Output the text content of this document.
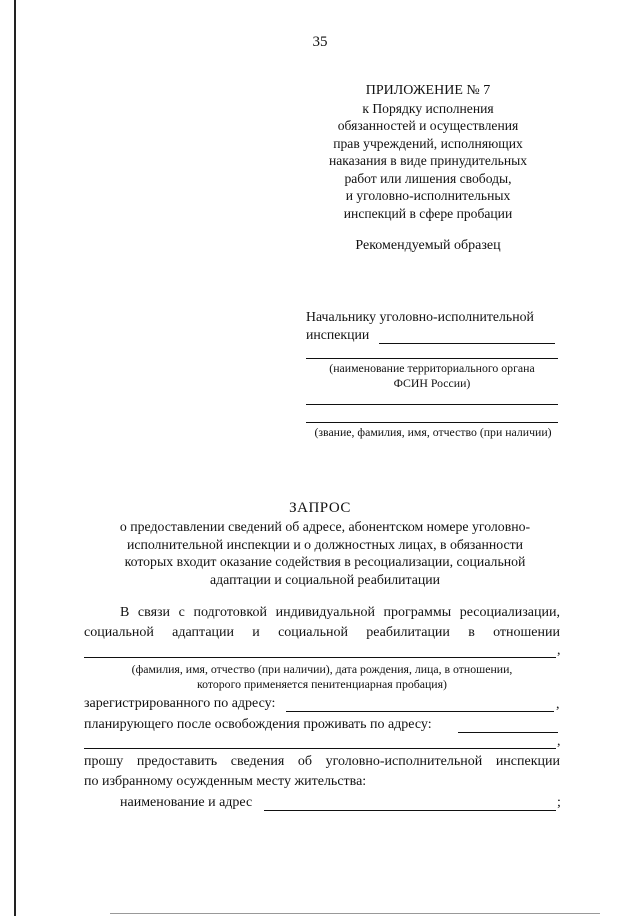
35
ПРИЛОЖЕНИЕ № 7
к Порядку исполнения
обязанностей и осуществления
прав учреждений, исполняющих
наказания в виде принудительных
работ или лишения свободы,
и уголовно-исполнительных
инспекций в сфере пробации
Рекомендуемый образец
Начальнику уголовно-исполнительной
инспекции
(наименование территориального органа
ФСИН России)
(звание, фамилия, имя, отчество (при наличии)
ЗАПРОС
о предоставлении сведений об адресе, абонентском номере уголовно-
исполнительной инспекции и о должностных лицах, в обязанности
которых входит оказание содействия в ресоциализации, социальной
адаптации и социальной реабилитации
В связи с подготовкой индивидуальной программы ресоциализации,
социальной адаптации и социальной реабилитации в отношении
,
(фамилия, имя, отчество (при наличии), дата рождения, лица, в отношении,
которого применяется пенитенциарная пробация)
зарегистрированного по адресу:	,
планирующего после освобождения проживать по адресу:
,
прошу предоставить сведения об уголовно-исполнительной инспекции
по избранному осужденным месту жительства:
наименование и адрес	;
